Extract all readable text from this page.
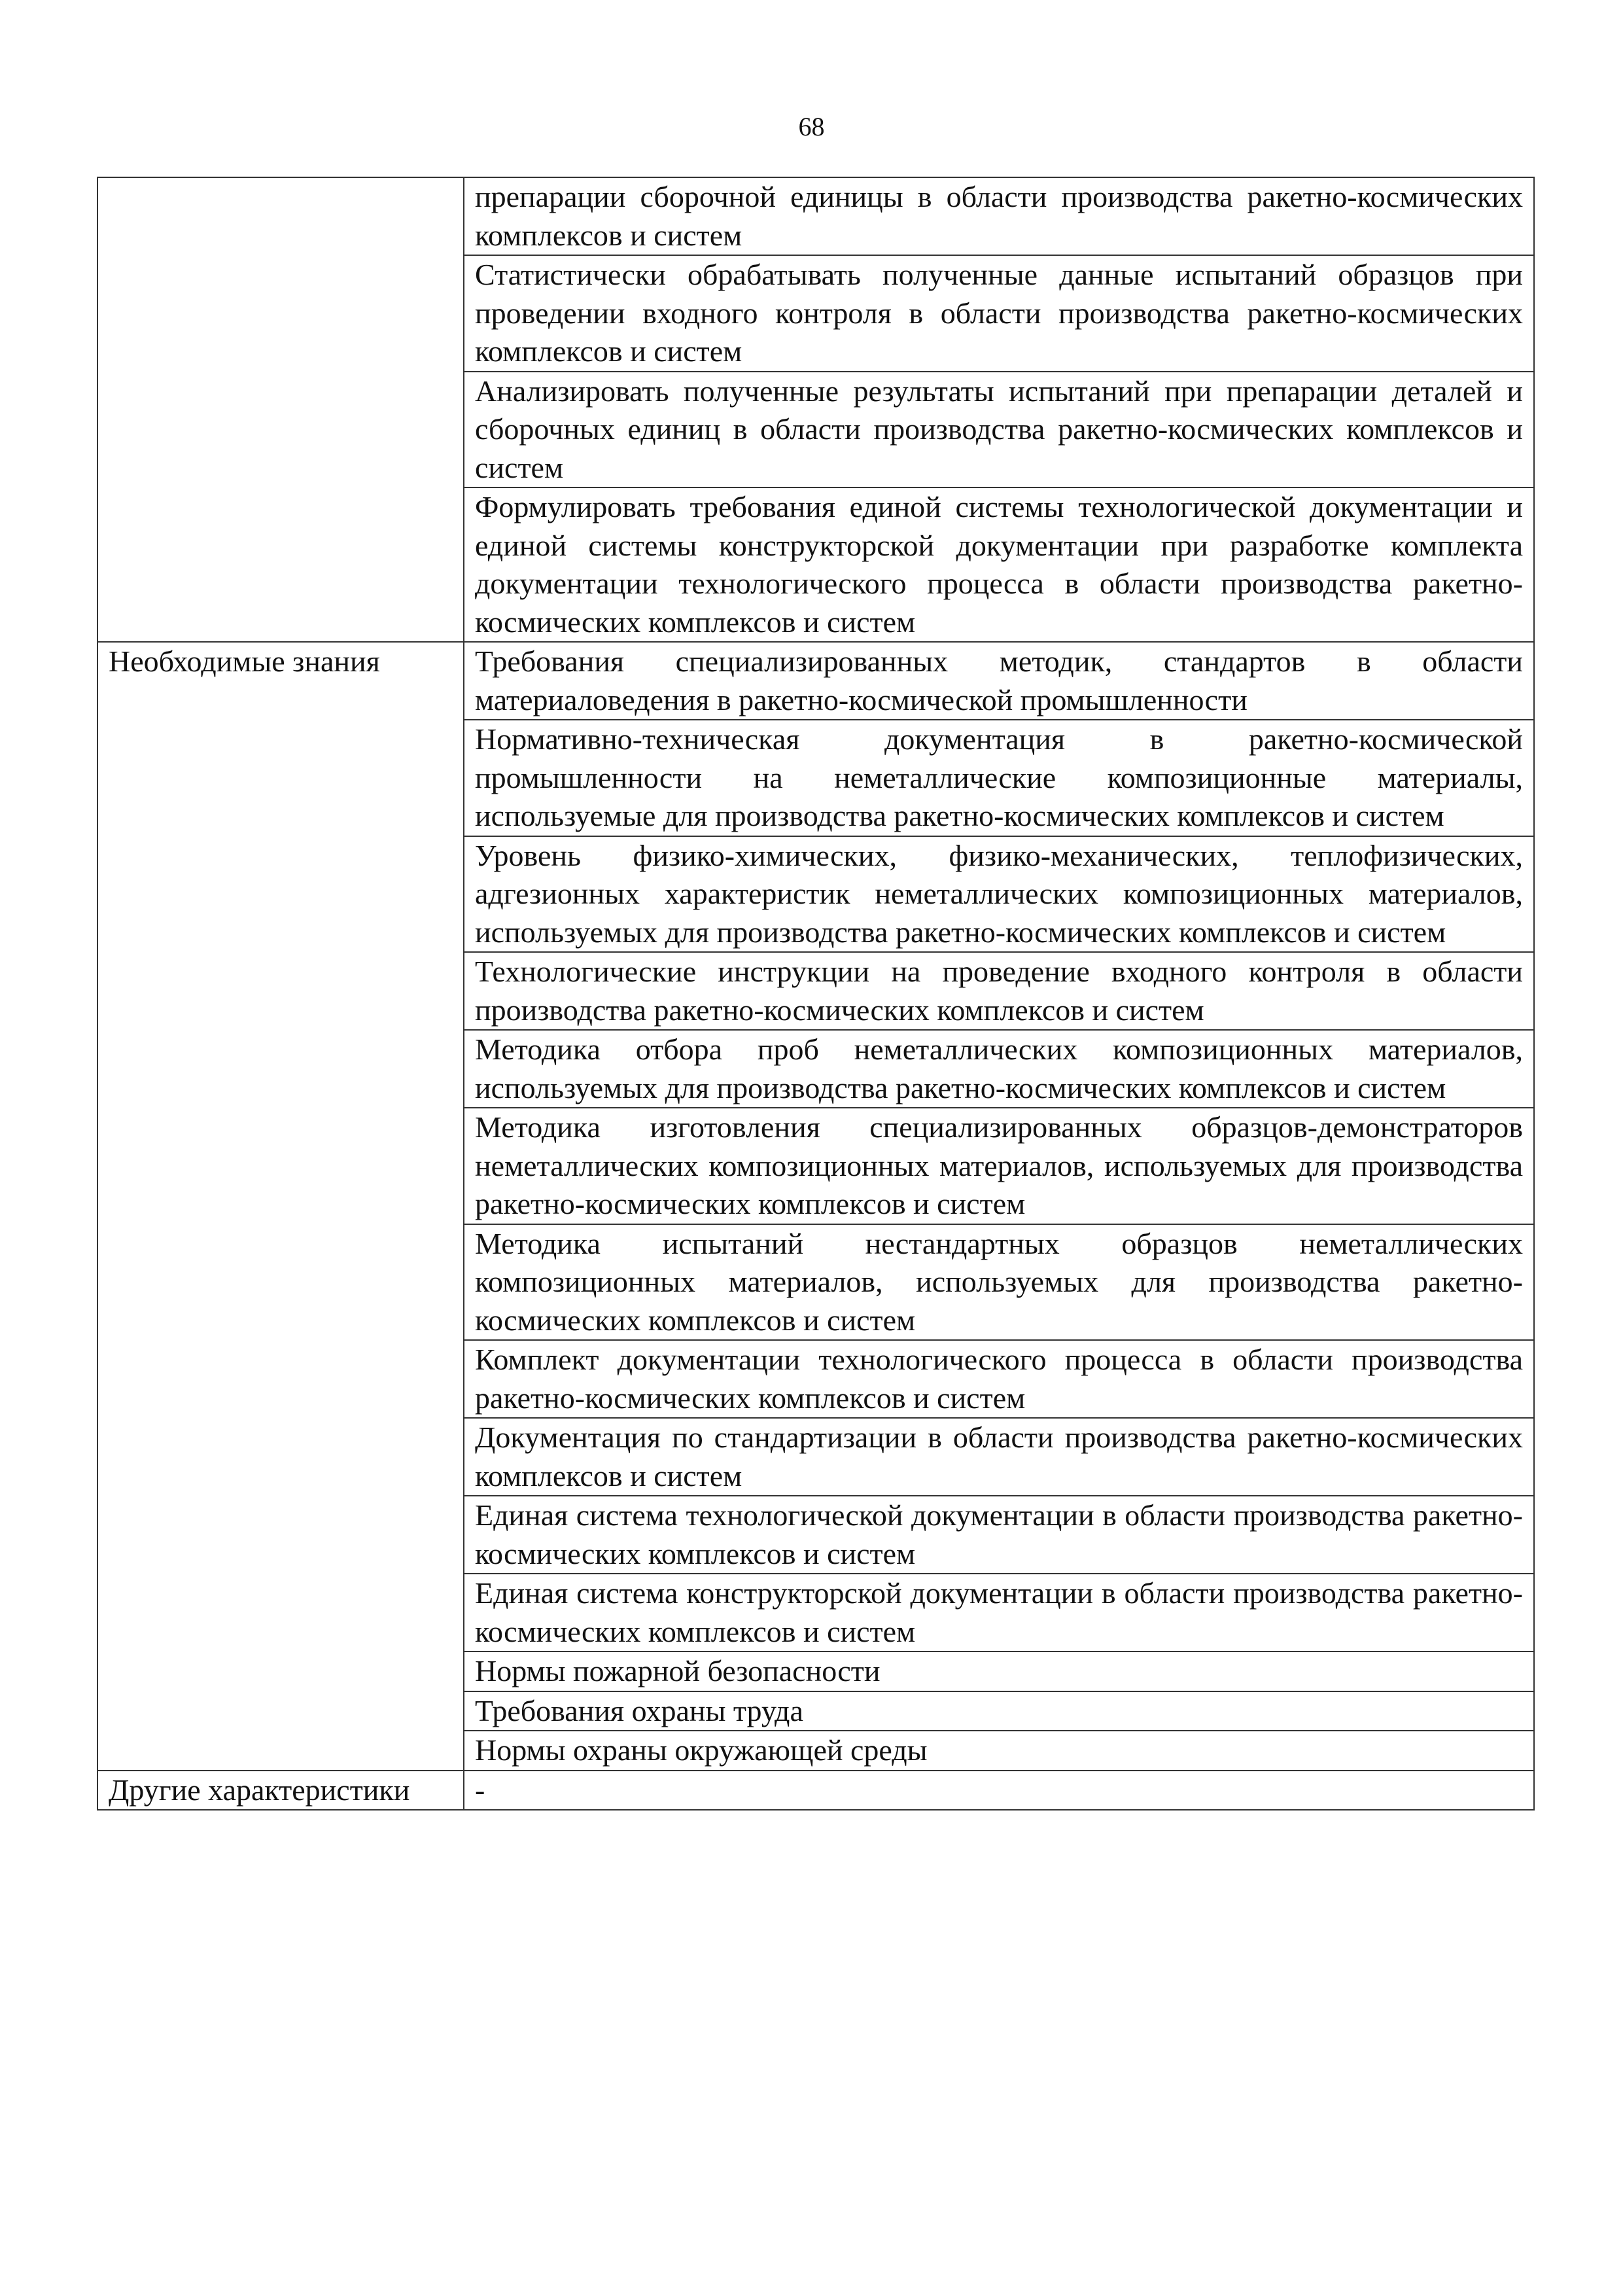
68
	препарации сборочной единицы в области производства ракетно-космических комплексов и систем
	Статистически обрабатывать полученные данные испытаний образцов при проведении входного контроля в области производства ракетно-космических комплексов и систем
	Анализировать полученные результаты испытаний при препарации деталей и сборочных единиц в области производства ракетно-космических комплексов и систем
	Формулировать требования единой системы технологической документации и единой системы конструкторской документации при разработке комплекта документации технологического процесса в области производства ракетно-космических комплексов и систем
Необходимые знания	Требования специализированных методик, стандартов в области материаловедения в ракетно-космической промышленности
	Нормативно-техническая документация в ракетно-космической промышленности на неметаллические композиционные материалы, используемые для производства ракетно-космических комплексов и систем
	Уровень физико-химических, физико-механических, теплофизических, адгезионных характеристик неметаллических композиционных материалов, используемых для производства ракетно-космических комплексов и систем
	Технологические инструкции на проведение входного контроля в области производства ракетно-космических комплексов и систем
	Методика отбора проб неметаллических композиционных материалов, используемых для производства ракетно-космических комплексов и систем
	Методика изготовления специализированных образцов-демонстраторов неметаллических композиционных материалов, используемых для производства ракетно-космических комплексов и систем
	Методика испытаний нестандартных образцов неметаллических композиционных материалов, используемых для производства ракетно-космических комплексов и систем
	Комплект документации технологического процесса в области производства ракетно-космических комплексов и систем
	Документация по стандартизации в области производства ракетно-космических комплексов и систем
	Единая система технологической документации в области производства ракетно-космических комплексов и систем
	Единая система конструкторской документации в области производства ракетно-космических комплексов и систем
	Нормы пожарной безопасности
	Требования охраны труда
	Нормы охраны окружающей среды
Другие характеристики	-
